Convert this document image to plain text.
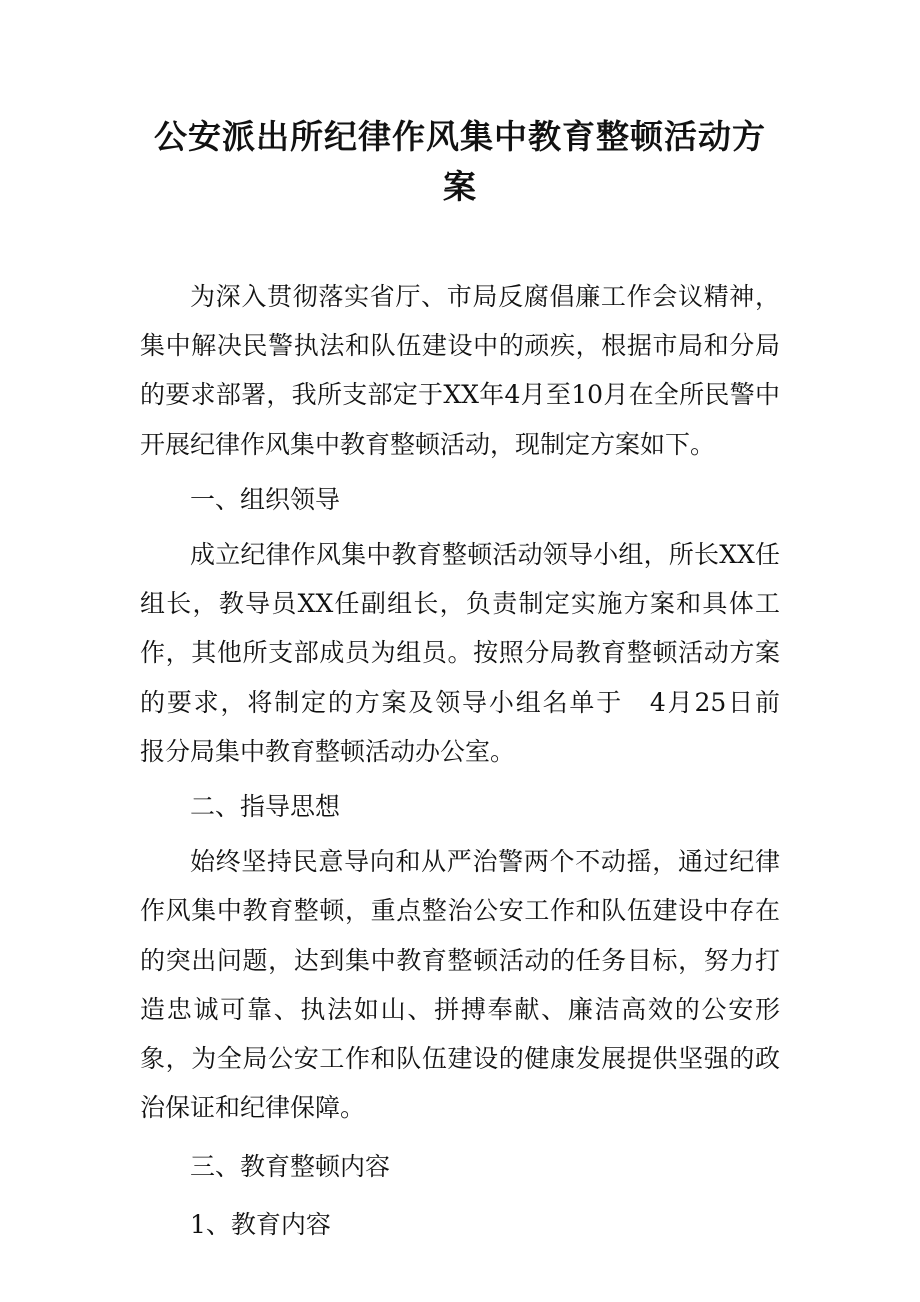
公安派出所纪律作风集中教育整顿活动方案

为深入贯彻落实省厅、市局反腐倡廉工作会议精神，集中解决民警执法和队伍建设中的顽疾，根据市局和分局的要求部署，我所支部定于XX年4月至10月在全所民警中开展纪律作风集中教育整顿活动，现制定方案如下。

一、组织领导

成立纪律作风集中教育整顿活动领导小组，所长XX任组长，教导员XX任副组长，负责制定实施方案和具体工作，其他所支部成员为组员。按照分局教育整顿活动方案的要求，将制定的方案及领导小组名单于　4月25日前　报分局集中教育整顿活动办公室。

二、指导思想

始终坚持民意导向和从严治警两个不动摇，通过纪律作风集中教育整顿，重点整治公安工作和队伍建设中存在的突出问题，达到集中教育整顿活动的任务目标，努力打造忠诚可靠、执法如山、拼搏奉献、廉洁高效的公安形象，为全局公安工作和队伍建设的健康发展提供坚强的政治保证和纪律保障。

三、教育整顿内容

1、教育内容
